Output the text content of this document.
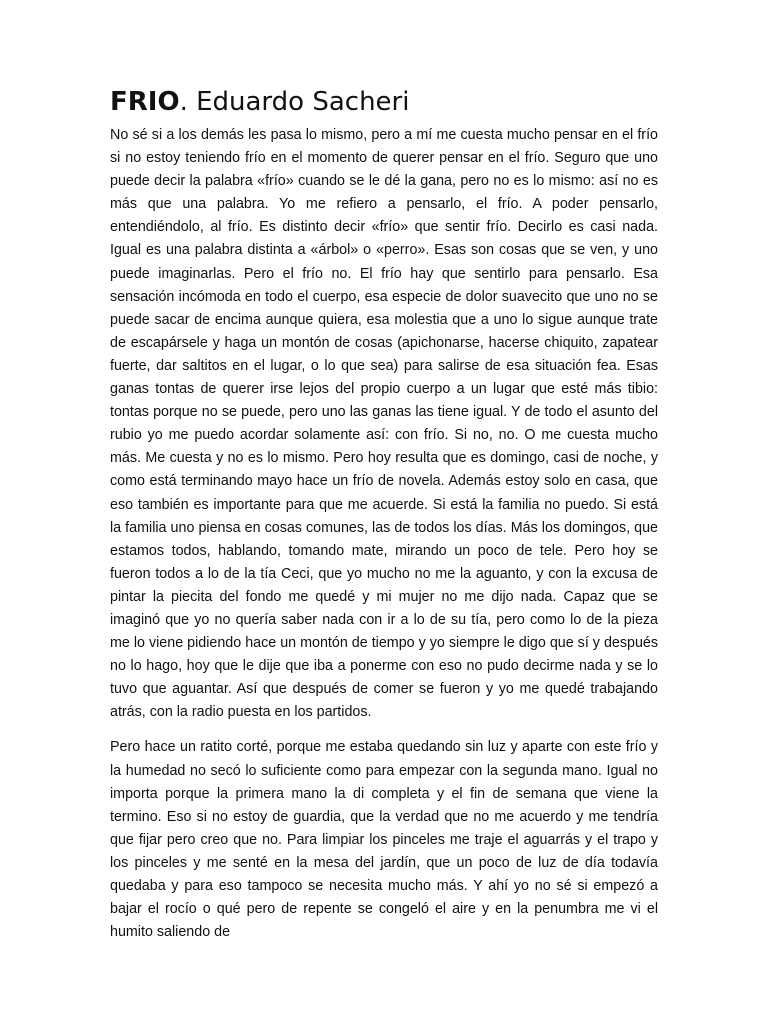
FRIO. Eduardo Sacheri

No sé si a los demás les pasa lo mismo, pero a mí me cuesta mucho pensar en el frío si no estoy teniendo frío en el momento de querer pensar en el frío. Seguro que uno puede decir la palabra «frío» cuando se le dé la gana, pero no es lo mismo: así no es más que una palabra. Yo me refiero a pensarlo, el frío. A poder pensarlo, entendiéndolo, al frío. Es distinto decir «frío» que sentir frío. Decirlo es casi nada. Igual es una palabra distinta a «árbol» o «perro». Esas son cosas que se ven, y uno puede imaginarlas. Pero el frío no. El frío hay que sentirlo para pensarlo. Esa sensación incómoda en todo el cuerpo, esa especie de dolor suavecito que uno no se puede sacar de encima aunque quiera, esa molestia que a uno lo sigue aunque trate de escapársele y haga un montón de cosas (apichonarse, hacerse chiquito, zapatear fuerte, dar saltitos en el lugar, o lo que sea) para salirse de esa situación fea. Esas ganas tontas de querer irse lejos del propio cuerpo a un lugar que esté más tibio: tontas porque no se puede, pero uno las ganas las tiene igual. Y de todo el asunto del rubio yo me puedo acordar solamente así: con frío. Si no, no. O me cuesta mucho más. Me cuesta y no es lo mismo. Pero hoy resulta que es domingo, casi de noche, y como está terminando mayo hace un frío de novela. Además estoy solo en casa, que eso también es importante para que me acuerde. Si está la familia no puedo. Si está la familia uno piensa en cosas comunes, las de todos los días. Más los domingos, que estamos todos, hablando, tomando mate, mirando un poco de tele. Pero hoy se fueron todos a lo de la tía Ceci, que yo mucho no me la aguanto, y con la excusa de pintar la piecita del fondo me quedé y mi mujer no me dijo nada. Capaz que se imaginó que yo no quería saber nada con ir a lo de su tía, pero como lo de la pieza me lo viene pidiendo hace un montón de tiempo y yo siempre le digo que sí y después no lo hago, hoy que le dije que iba a ponerme con eso no pudo decirme nada y se lo tuvo que aguantar. Así que después de comer se fueron y yo me quedé trabajando atrás, con la radio puesta en los partidos.

Pero hace un ratito corté, porque me estaba quedando sin luz y aparte con este frío y la humedad no secó lo suficiente como para empezar con la segunda mano. Igual no importa porque la primera mano la di completa y el fin de semana que viene la termino. Eso si no estoy de guardia, que la verdad que no me acuerdo y me tendría que fijar pero creo que no. Para limpiar los pinceles me traje el aguarrás y el trapo y los pinceles y me senté en la mesa del jardín, que un poco de luz de día todavía quedaba y para eso tampoco se necesita mucho más. Y ahí yo no sé si empezó a bajar el rocío o qué pero de repente se congeló el aire y en la penumbra me vi el humito saliendo de
